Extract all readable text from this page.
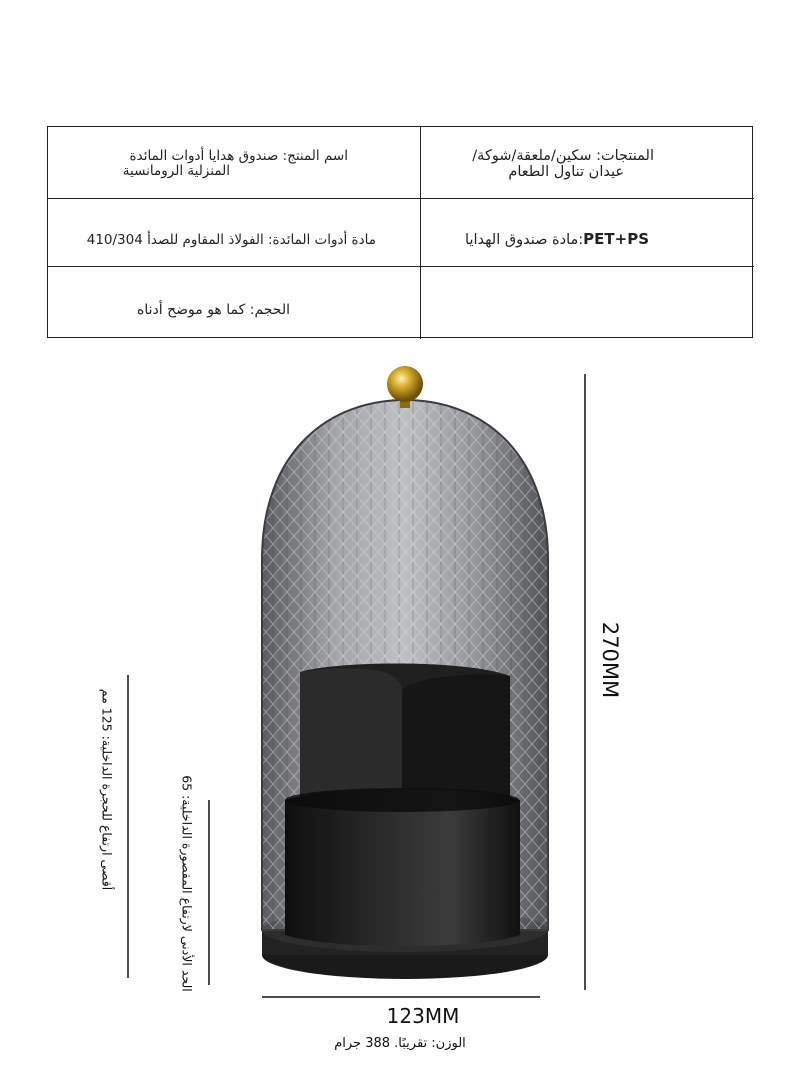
اسم المنتج: صندوق هدايا أدوات المائدة
المنزلية الرومانسية
المنتجات: سكين/ملعقة/شوكة/
عيدان تناول الطعام
مادة أدوات المائدة: الفولاذ المقاوم للصدأ 410/304	PET+PS:مادة صندوق الهدايا
الحجم: كما هو موضح أدناه
270MM
123MM
أقصى ارتفاع للحجرة الداخلية: 125 مم	الحد الأدنى لارتفاع المقصورة الداخلية: 65
الوزن: تقريبًا. 388 جرام
